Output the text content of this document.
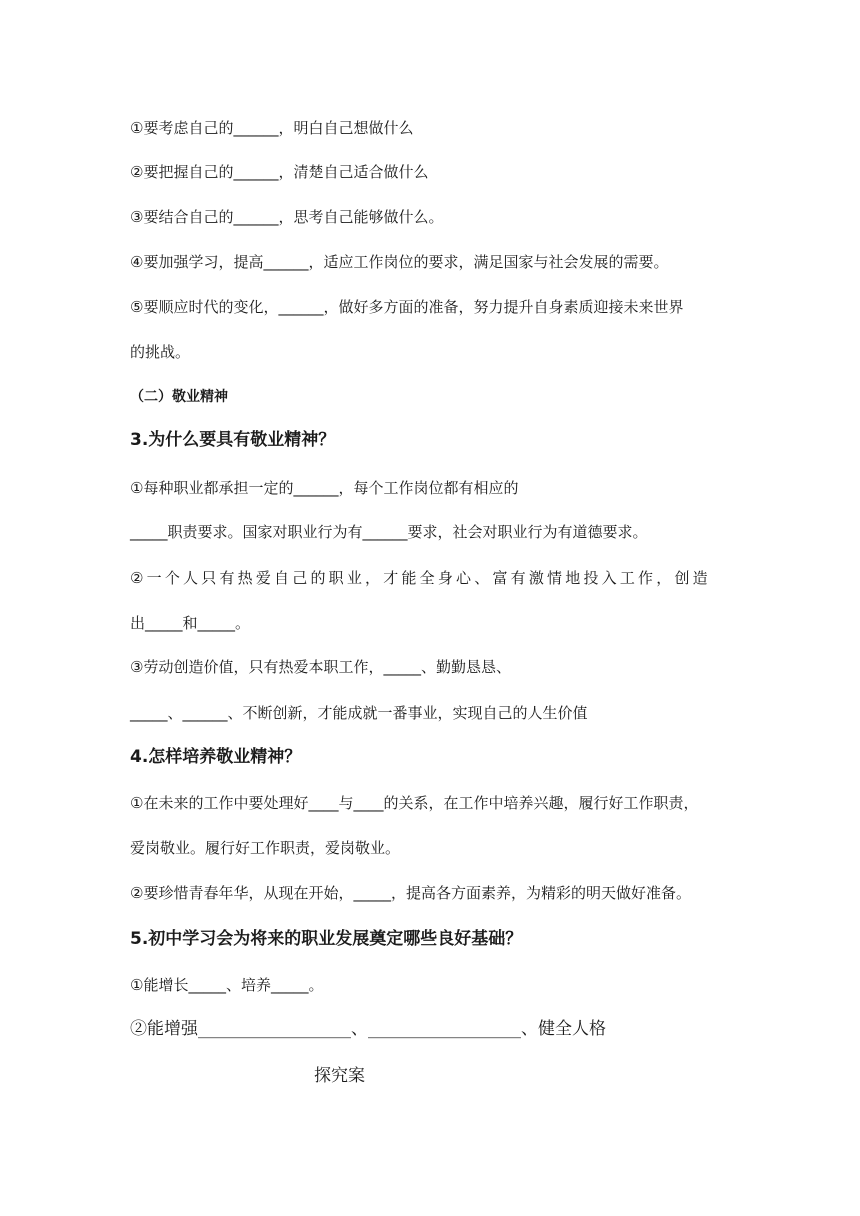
①要考虑自己的______，明白自己想做什么
②要把握自己的______，清楚自己适合做什么
③要结合自己的______，思考自己能够做什么。
④要加强学习，提高______，适应工作岗位的要求，满足国家与社会发展的需要。
⑤要顺应时代的变化，______，做好多方面的准备，努力提升自身素质迎接未来世界
的挑战。
（二）敬业精神
3.为什么要具有敬业精神？
①每种职业都承担一定的______，每个工作岗位都有相应的
_____职责要求。国家对职业行为有______要求，社会对职业行为有道德要求。
②一个人只有热爱自己的职业，才能全身心、富有激情地投入工作，创造
出_____和_____。
③劳动创造价值，只有热爱本职工作，_____、勤勤恳恳、
_____、______、不断创新，才能成就一番事业，实现自己的人生价值
4.怎样培养敬业精神？
①在未来的工作中要处理好____与____的关系，在工作中培养兴趣，履行好工作职责，
爱岗敬业。履行好工作职责，爱岗敬业。
②要珍惜青春年华，从现在开始，_____，提高各方面素养，为精彩的明天做好准备。
5.初中学习会为将来的职业发展奠定哪些良好基础？
①能增长_____、培养_____。
②能增强__________________、__________________、健全人格
探究案
